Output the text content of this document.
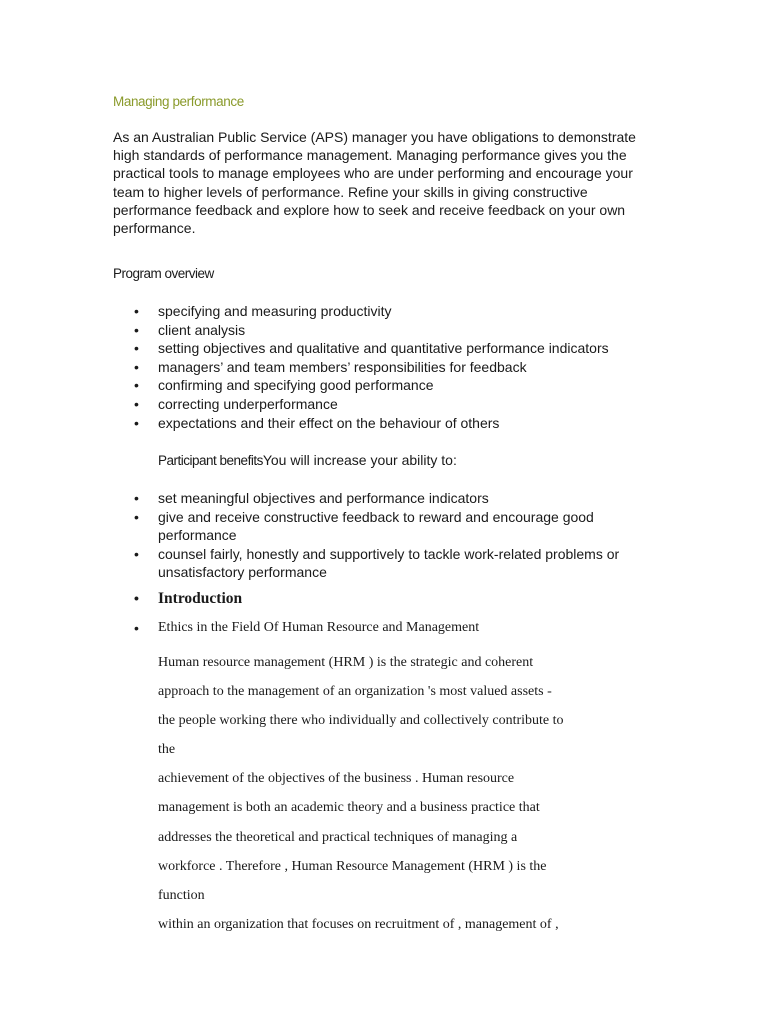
Managing performance

As an Australian Public Service (APS) manager you have obligations to demonstrate high standards of performance management. Managing performance gives you the practical tools to manage employees who are under performing and encourage your team to higher levels of performance. Refine your skills in giving constructive performance feedback and explore how to seek and receive feedback on your own performance.

Program overview
• specifying and measuring productivity
• client analysis
• setting objectives and qualitative and quantitative performance indicators
• managers’ and team members’ responsibilities for feedback
• confirming and specifying good performance
• correcting underperformance
• expectations and their effect on the behaviour of others

Participant benefitsYou will increase your ability to:

• set meaningful objectives and performance indicators
• give and receive constructive feedback to reward and encourage good performance
• counsel fairly, honestly and supportively to tackle work-related problems or unsatisfactory performance
• Introduction
• Ethics in the Field Of Human Resource and Management
Human resource management (HRM ) is the strategic and coherent
approach to the management of an organization 's most valued assets -
the people working there who individually and collectively contribute to
the
achievement of the objectives of the business . Human resource
management is both an academic theory and a business practice that
addresses the theoretical and practical techniques of managing a
workforce . Therefore , Human Resource Management (HRM ) is the
function
within an organization that focuses on recruitment of , management of ,
